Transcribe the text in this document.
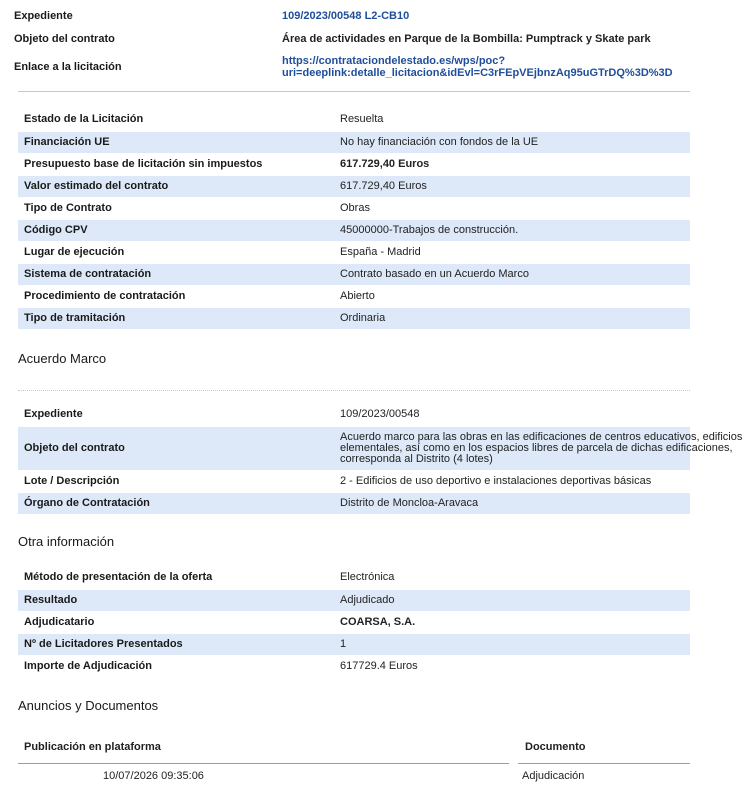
Expediente	109/2023/00548 L2-CB10
Objeto del contrato	Área de actividades en Parque de la Bombilla: Pumptrack y Skate park
Enlace a la licitación	https://contrataciondelestado.es/wps/poc?
uri=deeplink:detalle_licitacion&idEvl=C3rFEpVEjbnzAq95uGTrDQ%3D%3D
Estado de la Licitación	Resuelta
Financiación UE	No hay financiación con fondos de la UE
Presupuesto base de licitación sin impuestos	617.729,40 Euros
Valor estimado del contrato	617.729,40 Euros
Tipo de Contrato	Obras
Código CPV	45000000-Trabajos de construcción.
Lugar de ejecución	España - Madrid
Sistema de contratación	Contrato basado en un Acuerdo Marco
Procedimiento de contratación	Abierto
Tipo de tramitación	Ordinaria
Acuerdo Marco
Expediente	109/2023/00548
Objeto del contrato	Acuerdo marco para las obras en las edificaciones de centros educativos, edificios
elementales, así como en los espacios libres de parcela de dichas edificaciones,
corresponda al Distrito (4 lotes)
Lote / Descripción	2 - Edificios de uso deportivo e instalaciones deportivas básicas
Órgano de Contratación	Distrito de Moncloa-Aravaca
Otra información
Método de presentación de la oferta	Electrónica
Resultado	Adjudicado
Adjudicatario	COARSA, S.A.
Nº de Licitadores Presentados	1
Importe de Adjudicación	617729.4 Euros
Anuncios y Documentos
Publicación en plataforma	Documento
10/07/2026 09:35:06	Adjudicación
